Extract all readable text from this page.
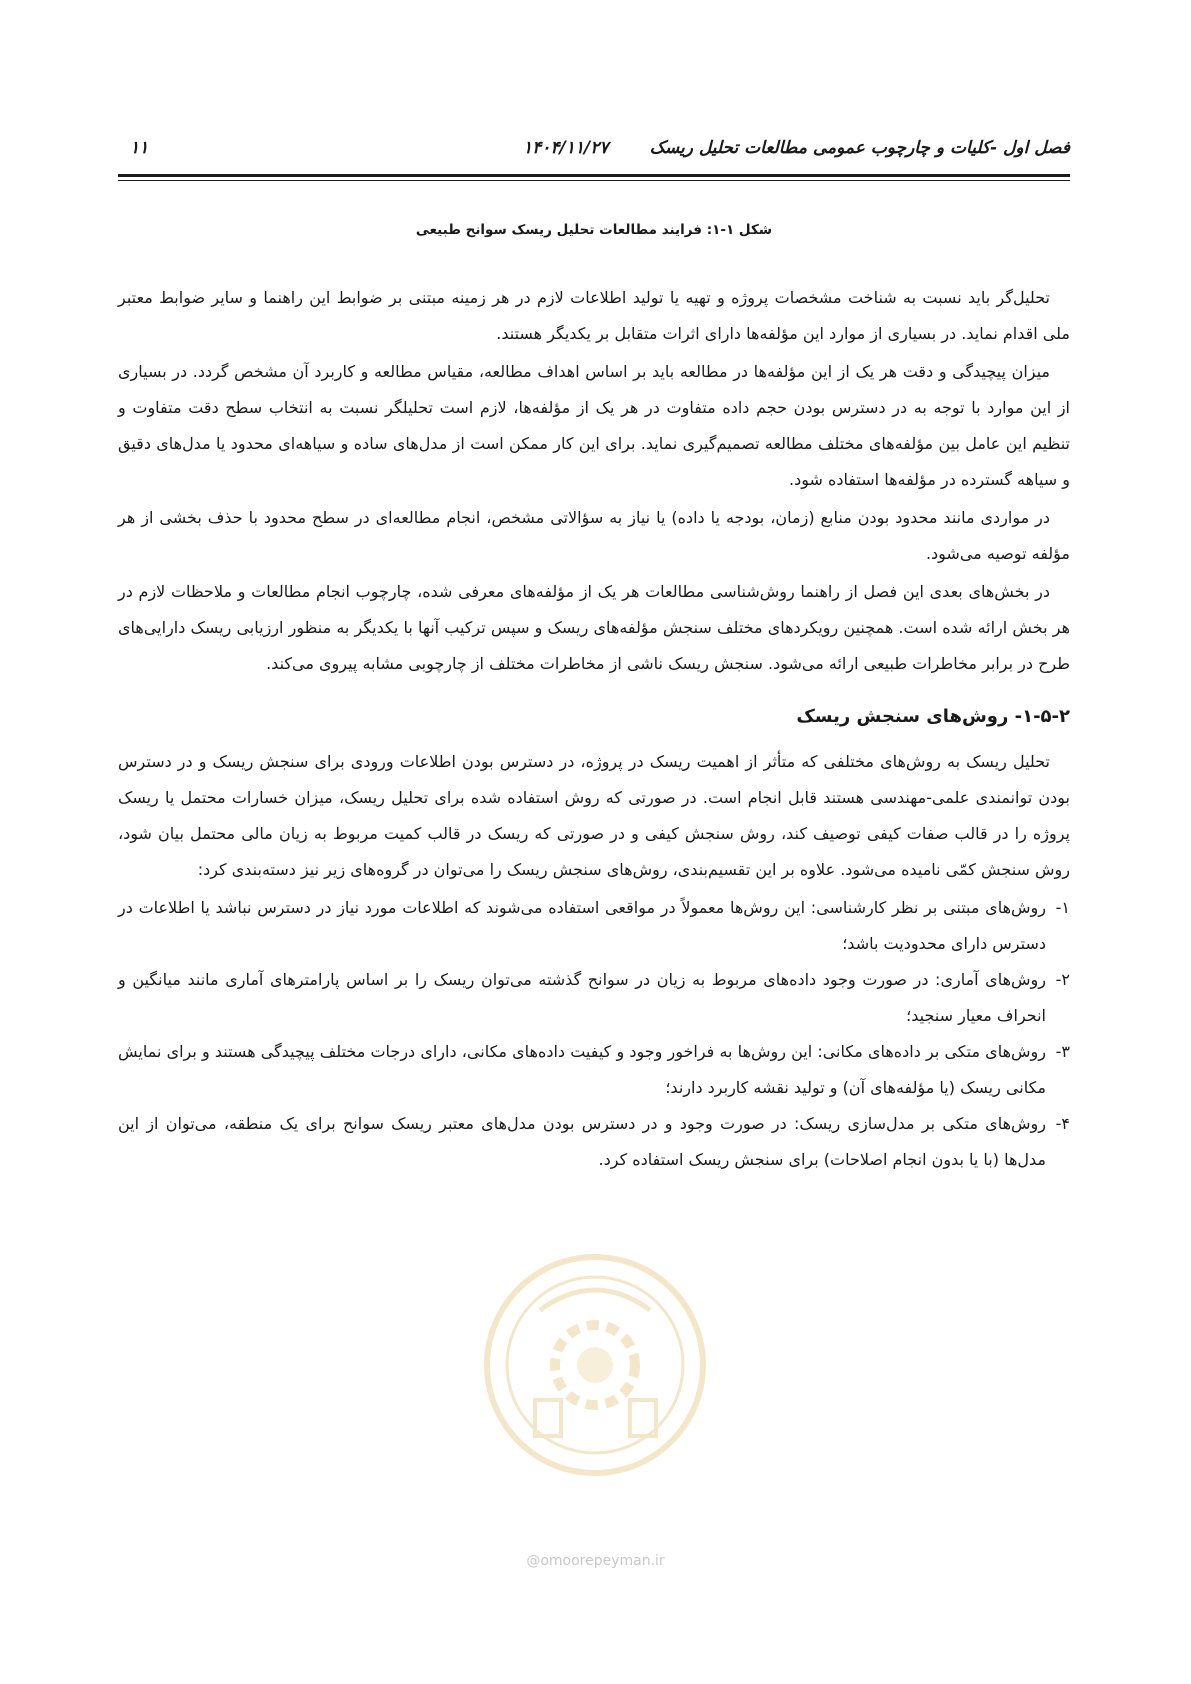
فصل اول -کلیات و چارچوب عمومی مطالعات تحلیل ریسک
۱۴۰۴/۱۱/۲۷
۱۱
شکل ۱-۱: فرایند مطالعات تحلیل ریسک سوانح طبیعی

تحلیل‌گر باید نسبت به شناخت مشخصات پروژه و تهیه یا تولید اطلاعات لازم در هر زمینه مبتنی بر ضوابط این راهنما و سایر ضوابط معتبر ملی اقدام نماید. در بسیاری از موارد این مؤلفه‌ها دارای اثرات متقابل بر یکدیگر هستند.

میزان پیچیدگی و دقت هر یک از این مؤلفه‌ها در مطالعه باید بر اساس اهداف مطالعه، مقیاس مطالعه و کاربرد آن مشخص گردد. در بسیاری از این موارد با توجه به در دسترس بودن حجم داده متفاوت در هر یک از مؤلفه‌ها، لازم است تحلیلگر نسبت به انتخاب سطح دقت متفاوت و تنظیم این عامل بین مؤلفه‌های مختلف مطالعه تصمیم‌گیری نماید. برای این کار ممکن است از مدل‌های ساده و سیاهه‌ای محدود یا مدل‌های دقیق و سیاهه گسترده در مؤلفه‌ها استفاده شود.

در مواردی مانند محدود بودن منابع (زمان، بودجه یا داده) یا نیاز به سؤالاتی مشخص، انجام مطالعه‌ای در سطح محدود با حذف بخشی از هر مؤلفه توصیه می‌شود.

در بخش‌های بعدی این فصل از راهنما روش‌شناسی مطالعات هر یک از مؤلفه‌های معرفی شده، چارچوب انجام مطالعات و ملاحظات لازم در هر بخش ارائه شده است. همچنین رویکردهای مختلف سنجش مؤلفه‌های ریسک و سپس ترکیب آنها با یکدیگر به منظور ارزیابی ریسک دارایی‌های طرح در برابر مخاطرات طبیعی ارائه می‌شود. سنجش ریسک ناشی از مخاطرات مختلف از چارچوبی مشابه پیروی می‌کند.

۱-۵-۲- روش‌های سنجش ریسک

تحلیل ریسک به روش‌های مختلفی که متأثر از اهمیت ریسک در پروژه، در دسترس بودن اطلاعات ورودی برای سنجش ریسک و در دسترس بودن توانمندی علمی-مهندسی هستند قابل انجام است. در صورتی که روش استفاده شده برای تحلیل ریسک، میزان خسارات محتمل یا ریسک پروژه را در قالب صفات کیفی توصیف کند، روش سنجش کیفی و در صورتی که ریسک در قالب کمیت مربوط به زیان مالی محتمل بیان شود، روش سنجش کمّی نامیده می‌شود. علاوه بر این تقسیم‌بندی، روش‌های سنجش ریسک را می‌توان در گروه‌های زیر نیز دسته‌بندی کرد:

۱-
روش‌های مبتنی بر نظر کارشناسی: این روش‌ها معمولاً در مواقعی استفاده می‌شوند که اطلاعات مورد نیاز در دسترس نباشد یا اطلاعات در دسترس دارای محدودیت باشد؛
۲-
روش‌های آماری: در صورت وجود داده‌های مربوط به زیان در سوانح گذشته می‌توان ریسک را بر اساس پارامترهای آماری مانند میانگین و انحراف معیار سنجید؛
۳-
روش‌های متکی بر داده‌های مکانی: این روش‌ها به فراخور وجود و کیفیت داده‌های مکانی، دارای درجات مختلف پیچیدگی هستند و برای نمایش مکانی ریسک (یا مؤلفه‌های آن) و تولید نقشه کاربرد دارند؛
۴-
روش‌های متکی بر مدل‌سازی ریسک: در صورت وجود و در دسترس بودن مدل‌های معتبر ریسک سوانح برای یک منطقه، می‌توان از این مدل‌ها (با یا بدون انجام اصلاحات) برای سنجش ریسک استفاده کرد.
@omoorepeyman.ir
